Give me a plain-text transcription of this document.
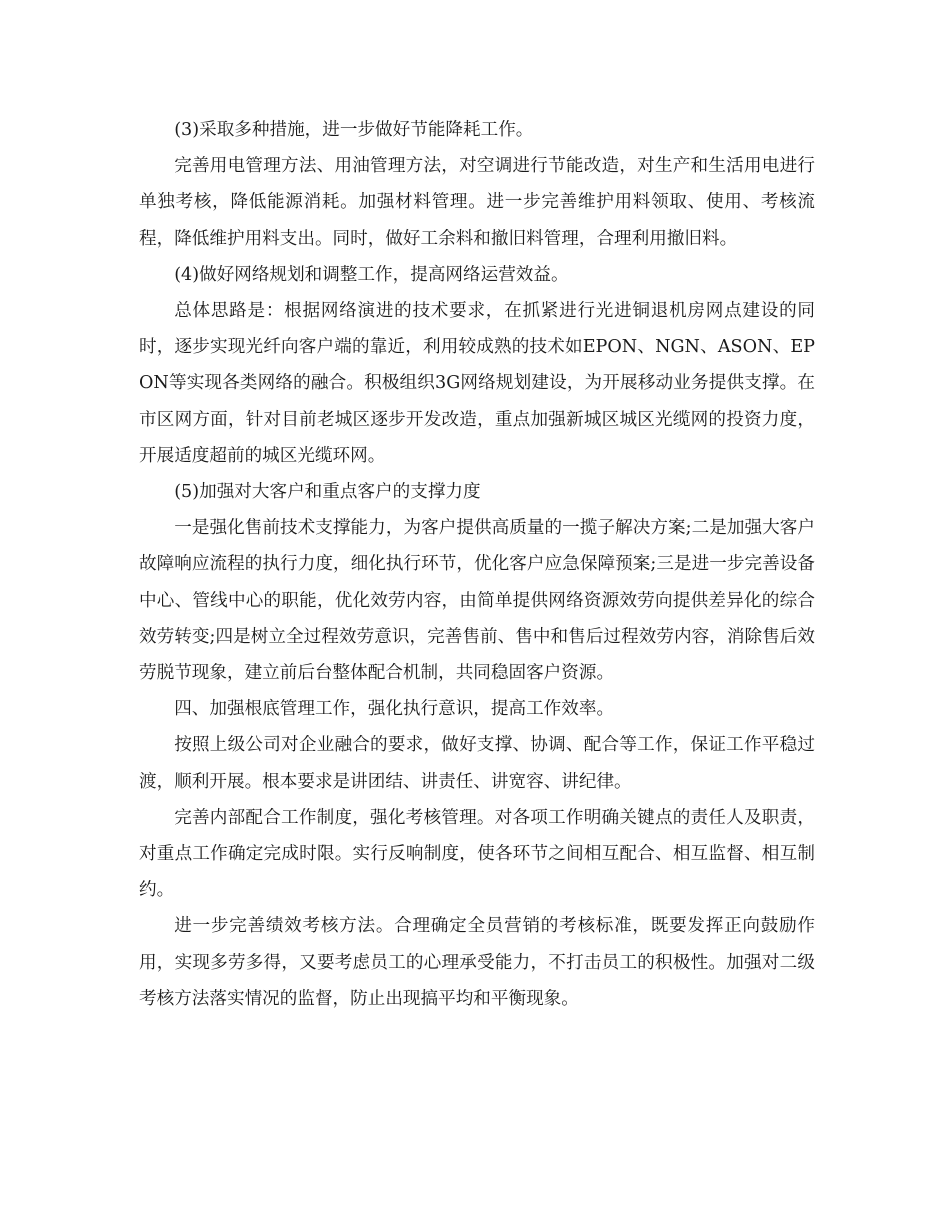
(3)采取多种措施，进一步做好节能降耗工作。

完善用电管理方法、用油管理方法，对空调进行节能改造，对生产和生活用电进行单独考核，降低能源消耗。加强材料管理。进一步完善维护用料领取、使用、考核流程，降低维护用料支出。同时，做好工余料和撤旧料管理，合理利用撤旧料。

(4)做好网络规划和调整工作，提高网络运营效益。

总体思路是：根据网络演进的技术要求，在抓紧进行光进铜退机房网点建设的同时，逐步实现光纤向客户端的靠近，利用较成熟的技术如EPON、NGN、ASON、EPON等实现各类网络的融合。积极组织3G网络规划建设，为开展移动业务提供支撑。在市区网方面，针对目前老城区逐步开发改造，重点加强新城区城区光缆网的投资力度，开展适度超前的城区光缆环网。

(5)加强对大客户和重点客户的支撑力度

一是强化售前技术支撑能力，为客户提供高质量的一揽子解决方案;二是加强大客户故障响应流程的执行力度，细化执行环节，优化客户应急保障预案;三是进一步完善设备中心、管线中心的职能，优化效劳内容，由简单提供网络资源效劳向提供差异化的综合效劳转变;四是树立全过程效劳意识，完善售前、售中和售后过程效劳内容，消除售后效劳脱节现象，建立前后台整体配合机制，共同稳固客户资源。

四、加强根底管理工作，强化执行意识，提高工作效率。

按照上级公司对企业融合的要求，做好支撑、协调、配合等工作，保证工作平稳过渡，顺利开展。根本要求是讲团结、讲责任、讲宽容、讲纪律。

完善内部配合工作制度，强化考核管理。对各项工作明确关键点的责任人及职责，对重点工作确定完成时限。实行反响制度，使各环节之间相互配合、相互监督、相互制约。

进一步完善绩效考核方法。合理确定全员营销的考核标准，既要发挥正向鼓励作用，实现多劳多得，又要考虑员工的心理承受能力，不打击员工的积极性。加强对二级考核方法落实情况的监督，防止出现搞平均和平衡现象。
